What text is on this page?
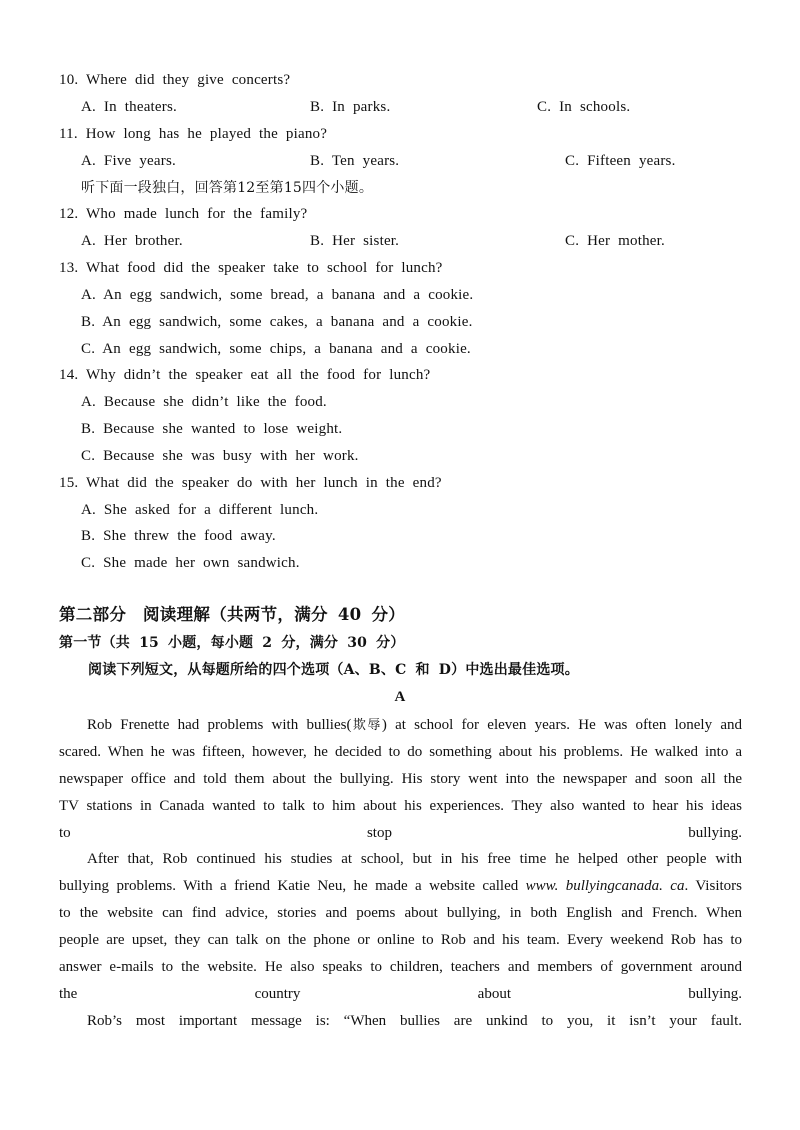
10. Where did they give concerts?
A. In theaters.	B. In parks.	C. In schools.
11. How long has he played the piano?
A. Five years.	B. Ten years.	C. Fifteen years.
听下面一段独白，回答第12至第15四个小题。
12. Who made lunch for the family?
A. Her brother.	B. Her sister.	C. Her mother.
13. What food did the speaker take to school for lunch?
A. An egg sandwich, some bread, a banana and a cookie.
B. An egg sandwich, some cakes, a banana and a cookie.
C. An egg sandwich, some chips, a banana and a cookie.
14. Why didn’t the speaker eat all the food for lunch?
A. Because she didn’t like the food.
B. Because she wanted to lose weight.
C. Because she was busy with her work.
15. What did the speaker do with her lunch in the end?
A. She asked for a different lunch.
B. She threw the food away.
C. She made her own sandwich.
第二部分　阅读理解（共两节，满分 40 分）
第一节（共 15 小题，每小题 2 分，满分 30 分）
阅读下列短文，从每题所给的四个选项（A、B、C 和 D）中选出最佳选项。
A
Rob Frenette had problems with bullies(欺辱) at school for eleven years. He was often lonely and scared. When he was fifteen, however, he decided to do something about his problems. He walked into a newspaper office and told them about the bullying. His story went into the newspaper and soon all the TV stations in Canada wanted to talk to him about his experiences. They also wanted to hear his ideas to stop bullying.
After that, Rob continued his studies at school, but in his free time he helped other people with bullying problems. With a friend Katie Neu, he made a website called www. bullyingcanada. ca. Visitors to the website can find advice, stories and poems about bullying, in both English and French. When people are upset, they can talk on the phone or online to Rob and his team. Every weekend Rob has to answer e-mails to the website. He also speaks to children, teachers and members of government around the country about bullying.
Rob’s most important message is: “When bullies are unkind to you, it isn’t your fault.
